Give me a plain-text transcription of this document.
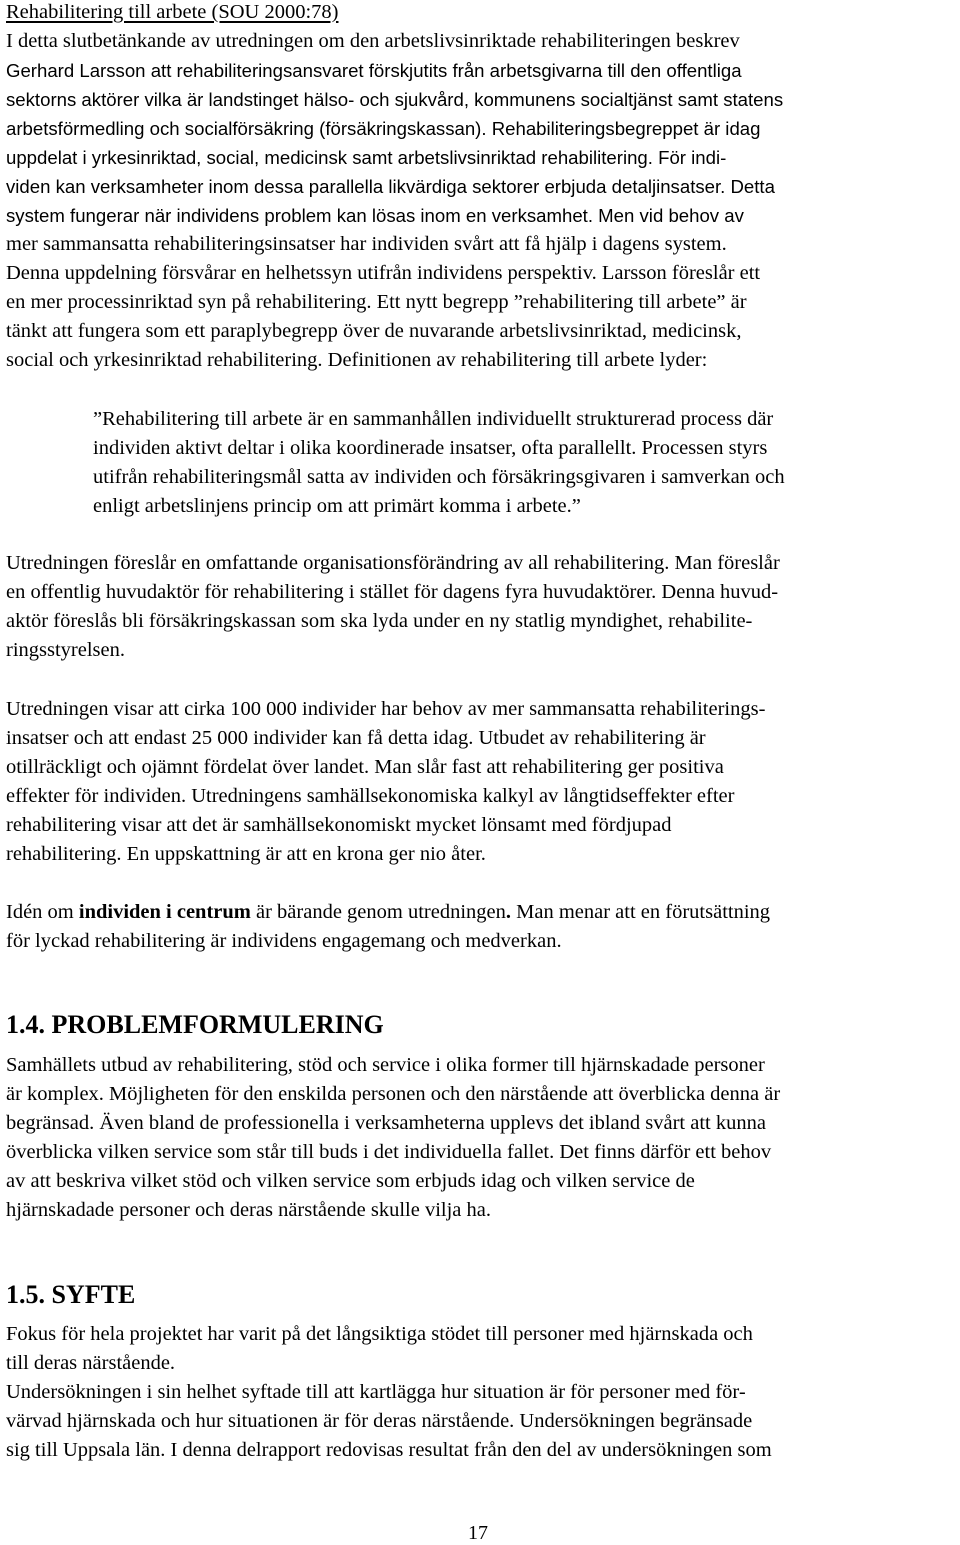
Rehabilitering till arbete (SOU 2000:78)
I detta slutbetänkande av utredningen om den arbetslivsinriktade rehabiliteringen beskrev
Gerhard Larsson att rehabiliteringsansvaret förskjutits från arbetsgivarna till den offentliga
sektorns aktörer vilka är landstinget hälso- och sjukvård, kommunens socialtjänst samt statens
arbetsförmedling och socialförsäkring (försäkringskassan). Rehabiliteringsbegreppet är idag
uppdelat i yrkesinriktad, social, medicinsk samt arbetslivsinriktad rehabilitering. För indi-
viden kan verksamheter inom dessa parallella likvärdiga sektorer erbjuda detaljinsatser. Detta
system fungerar när individens problem kan lösas inom en verksamhet. Men vid behov av
mer sammansatta rehabiliteringsinsatser har individen svårt att få hjälp i dagens system.
Denna uppdelning försvårar en helhetssyn utifrån individens perspektiv. Larsson föreslår ett
en mer processinriktad syn på rehabilitering. Ett nytt begrepp ”rehabilitering till arbete” är
tänkt att fungera som ett paraplybegrepp över de nuvarande arbetslivsinriktad, medicinsk,
social och yrkesinriktad rehabilitering. Definitionen av rehabilitering till arbete lyder:
”Rehabilitering till arbete är en sammanhållen individuellt strukturerad process där
individen aktivt deltar i olika koordinerade insatser, ofta parallellt. Processen styrs
utifrån rehabiliteringsmål satta av individen och försäkringsgivaren i samverkan och
enligt arbetslinjens princip om att primärt komma i arbete.”
Utredningen föreslår en omfattande organisationsförändring av all rehabilitering. Man föreslår
en offentlig huvudaktör för rehabilitering i stället för dagens fyra huvudaktörer. Denna huvud-
aktör föreslås bli försäkringskassan som ska lyda under en ny statlig myndighet, rehabilite-
ringsstyrelsen.
Utredningen visar att cirka 100 000 individer har behov av mer sammansatta rehabiliterings-
insatser och att endast 25 000 individer kan få detta idag. Utbudet av rehabilitering är
otillräckligt och ojämnt fördelat över landet. Man slår fast att rehabilitering ger positiva
effekter för individen. Utredningens samhällsekonomiska kalkyl av långtidseffekter efter
rehabilitering visar att det är samhällsekonomiskt mycket lönsamt med fördjupad
rehabilitering. En uppskattning är att en krona ger nio åter.
Idén om individen i centrum är bärande genom utredningen. Man menar att en förutsättning
för lyckad rehabilitering är individens engagemang och medverkan.
1.4. PROBLEMFORMULERING
Samhällets utbud av rehabilitering, stöd och service i olika former till hjärnskadade personer
är komplex. Möjligheten för den enskilda personen och den närstående att överblicka denna är
begränsad. Även bland de professionella i verksamheterna upplevs det ibland svårt att kunna
överblicka vilken service som står till buds i det individuella fallet. Det finns därför ett behov
av att beskriva vilket stöd och vilken service som erbjuds idag och vilken service de
hjärnskadade personer och deras närstående skulle vilja ha.
1.5. SYFTE
Fokus för hela projektet har varit på det långsiktiga stödet till personer med hjärnskada och
till deras närstående.
Undersökningen i sin helhet syftade till att kartlägga hur situation är för personer med för-
värvad hjärnskada och hur situationen är för deras närstående. Undersökningen begränsade
sig till Uppsala län. I denna delrapport redovisas resultat från den del av undersökningen som
17
